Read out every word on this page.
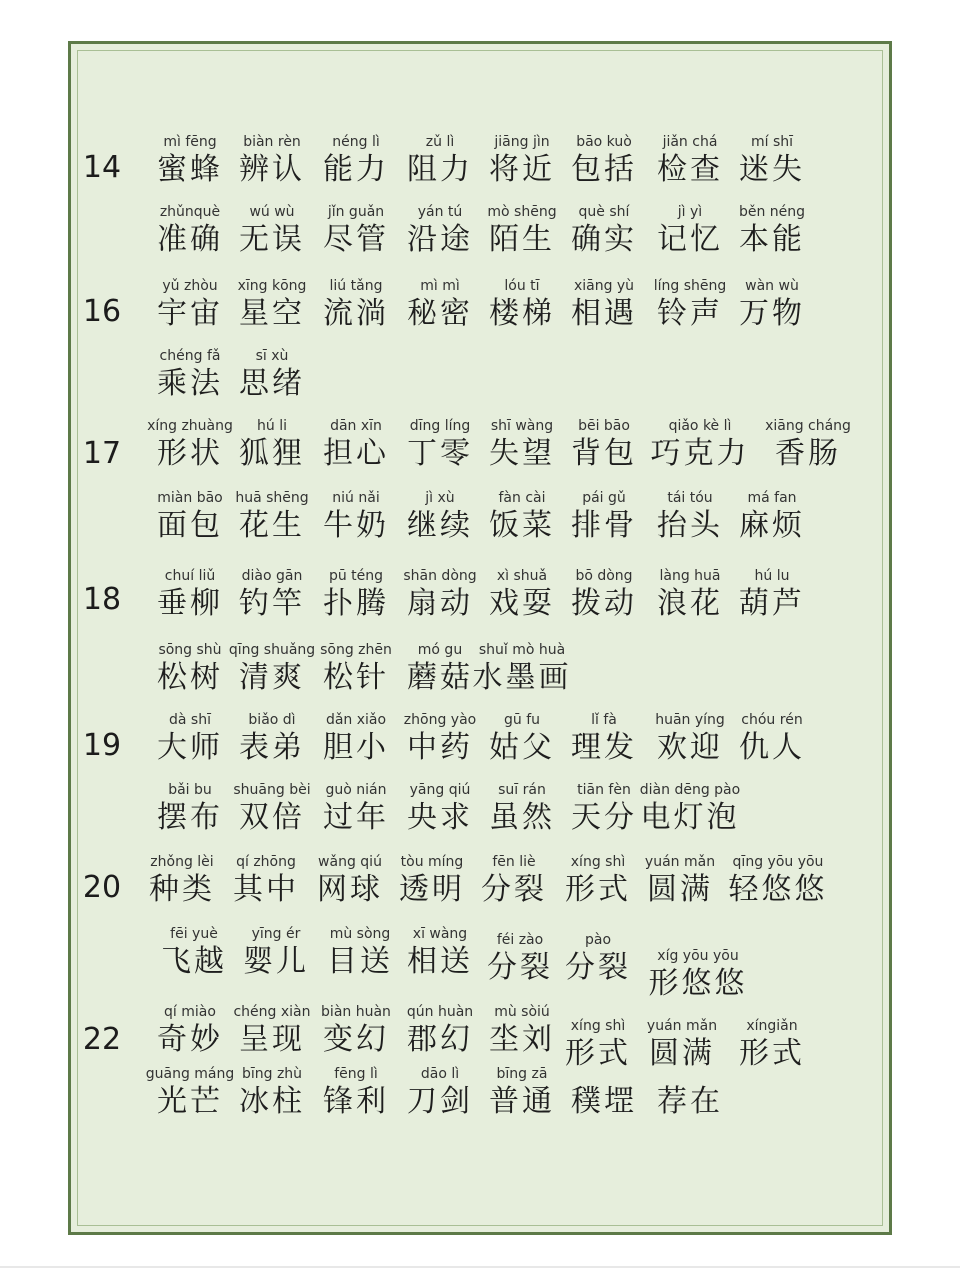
14
mì fēng
蜜蜂
biàn rèn
辨认
néng lì
能力
zǔ lì
阻力
jiāng jìn
将近
bāo kuò
包括
jiǎn chá
检查
mí shī
迷失
zhǔnquè
准确
wú wù
无误
jǐn guǎn
尽管
yán tú
沿途
mò shēng
陌生
què shí
确实
jì yì
记忆
běn néng
本能
16
yǔ zhòu
宇宙
xīng kōng
星空
liú tǎng
流淌
mì mì
秘密
lóu tī
楼梯
xiāng yù
相遇
líng shēng
铃声
wàn wù
万物
chéng fǎ
乘法
sī xù
思绪
17
xíng zhuàng
形状
hú li
狐狸
dān xīn
担心
dīng líng
丁零
shī wàng
失望
bēi bāo
背包
qiǎo kè lì
巧克力
xiāng cháng
香肠
miàn bāo
面包
huā shēng
花生
niú nǎi
牛奶
jì xù
继续
fàn cài
饭菜
pái gǔ
排骨
tái tóu
抬头
má fan
麻烦
18
chuí liǔ
垂柳
diào gān
钓竿
pū téng
扑腾
shān dòng
扇动
xì shuǎ
戏耍
bō dòng
拨动
làng huā
浪花
hú lu
葫芦
sōng shù
松树
qīng shuǎng
清爽
sōng zhēn
松针
mó gu
蘑菇
shuǐ mò huà
水墨画
19
dà shī
大师
biǎo dì
表弟
dǎn xiǎo
胆小
zhōng yào
中药
gū fu
姑父
lǐ fà
理发
huān yíng
欢迎
chóu rén
仇人
bǎi bu
摆布
shuāng bèi
双倍
guò nián
过年
yāng qiú
央求
suī rán
虽然
tiān fèn
天分
diàn dēng pào
电灯泡
20
zhǒng lèi
种类
qí zhōng
其中
wǎng qiú
网球
tòu míng
透明
fēn liè
分裂
xíng shì
形式
yuán mǎn
圆满
qīng yōu yōu
轻悠悠
fēi yuè
飞越
yīng ér
婴儿
mù sòng
目送
xī wàng
相送
féi zào
分裂
pào
分裂	xíg yōu yōu
形悠悠
22
qí miào
奇妙
chéng xiàn
呈现
biàn huàn
变幻
qún huàn
郡幻
mù sòiú
坔刘	xíng shì
形式
yuán mǎn
圆满
xíngiǎn
形式
guāng máng
光芒
bīng zhù
冰柱
fēng lì
锋利
dāo lì
刀剑
bīng zā
普通
穙堽
荐在
